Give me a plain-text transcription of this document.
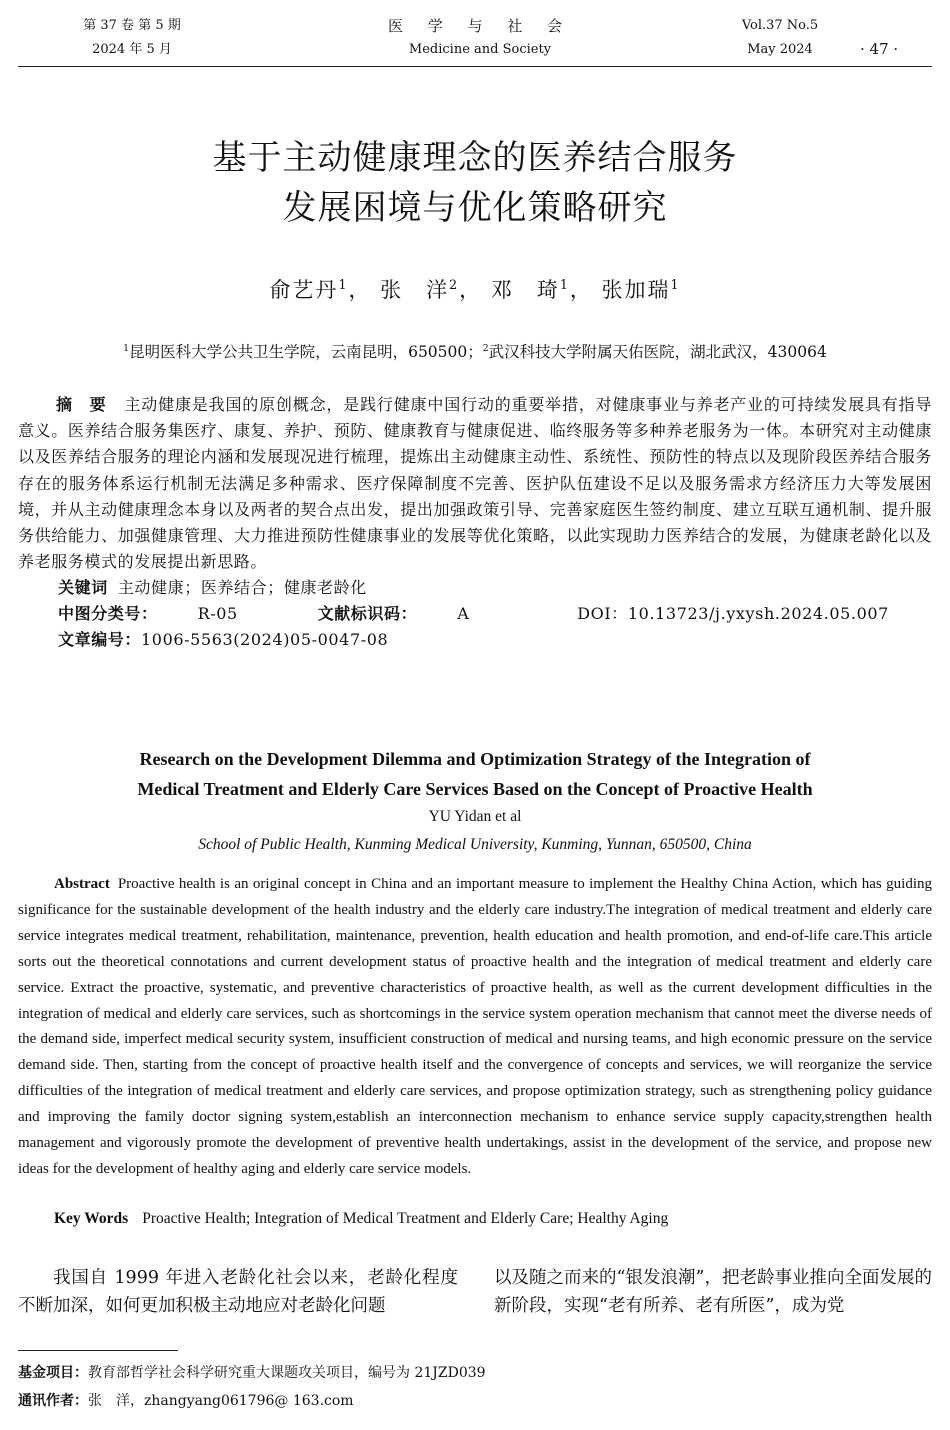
第 37 卷 第 5 期
2024 年 5 月
医 学 与 社 会
Medicine and Society
Vol.37 No.5
May 2024	· 47 ·
基于主动健康理念的医养结合服务
发展困境与优化策略研究
俞艺丹$^1$， 张　洋$^2$， 邓　琦$^1$， 张加瑞$^1$
$^1$昆明医科大学公共卫生学院，云南昆明，650500；$^2$武汉科技大学附属天佑医院，湖北武汉，430064
摘　要 主动健康是我国的原创概念，是践行健康中国行动的重要举措，对健康事业与养老产业的可持续发展具有指导意义。医养结合服务集医疗、康复、养护、预防、健康教育与健康促进、临终服务等多种养老服务为一体。本研究对主动健康以及医养结合服务的理论内涵和发展现况进行梳理，提炼出主动健康主动性、系统性、预防性的特点以及现阶段医养结合服务存在的服务体系运行机制无法满足多种需求、医疗保障制度不完善、医护队伍建设不足以及服务需求方经济压力大等发展困境，并从主动健康理念本身以及两者的契合点出发，提出加强政策引导、完善家庭医生签约制度、建立互联互通机制、提升服务供给能力、加强健康管理、大力推进预防性健康事业的发展等优化策略，以此实现助力医养结合的发展，为健康老龄化以及养老服务模式的发展提出新思路。
关键词 主动健康；医养结合；健康老龄化
中图分类号：	R-05	文献标识码：	A	DOI：10.13723/j.yxysh.2024.05.007
文章编号：1006-5563(2024)05-0047-08
Research on the Development Dilemma and Optimization Strategy of the Integration of
Medical Treatment and Elderly Care Services Based on the Concept of Proactive Health
YU Yidan et al
School of Public Health, Kunming Medical University, Kunming, Yunnan, 650500, China
Abstract Proactive health is an original concept in China and an important measure to implement the Healthy China Action, which has guiding significance for the sustainable development of the health industry and the elderly care industry.The integration of medical treatment and elderly care service integrates medical treatment, rehabilitation, maintenance, prevention, health education and health promotion, and end-of-life care.This article sorts out the theoretical connotations and current development status of proactive health and the integration of medical treatment and elderly care service. Extract the proactive, systematic, and preventive characteristics of proactive health, as well as the current development difficulties in the integration of medical and elderly care services, such as shortcomings in the service system operation mechanism that cannot meet the diverse needs of the demand side, imperfect medical security system, insufficient construction of medical and nursing teams, and high economic pressure on the service demand side. Then, starting from the concept of proactive health itself and the convergence of concepts and services, we will reorganize the service difficulties of the integration of medical treatment and elderly care services, and propose optimization strategy, such as strengthening policy guidance and improving the family doctor signing system,establish an interconnection mechanism to enhance service supply capacity,strengthen health management and vigorously promote the development of preventive health undertakings, assist in the development of the service, and propose new ideas for the development of healthy aging and elderly care service models.
Key Words Proactive Health; Integration of Medical Treatment and Elderly Care; Healthy Aging
我国自 1999 年进入老龄化社会以来，老龄化程度不断加深，如何更加积极主动地应对老龄化问题
以及随之而来的“银发浪潮”，把老龄事业推向全面发展的新阶段，实现“老有所养、老有所医”，成为党
基金项目：教育部哲学社会科学研究重大课题攻关项目，编号为 21JZD039
通讯作者：张　洋，zhangyang061796@ 163.com
